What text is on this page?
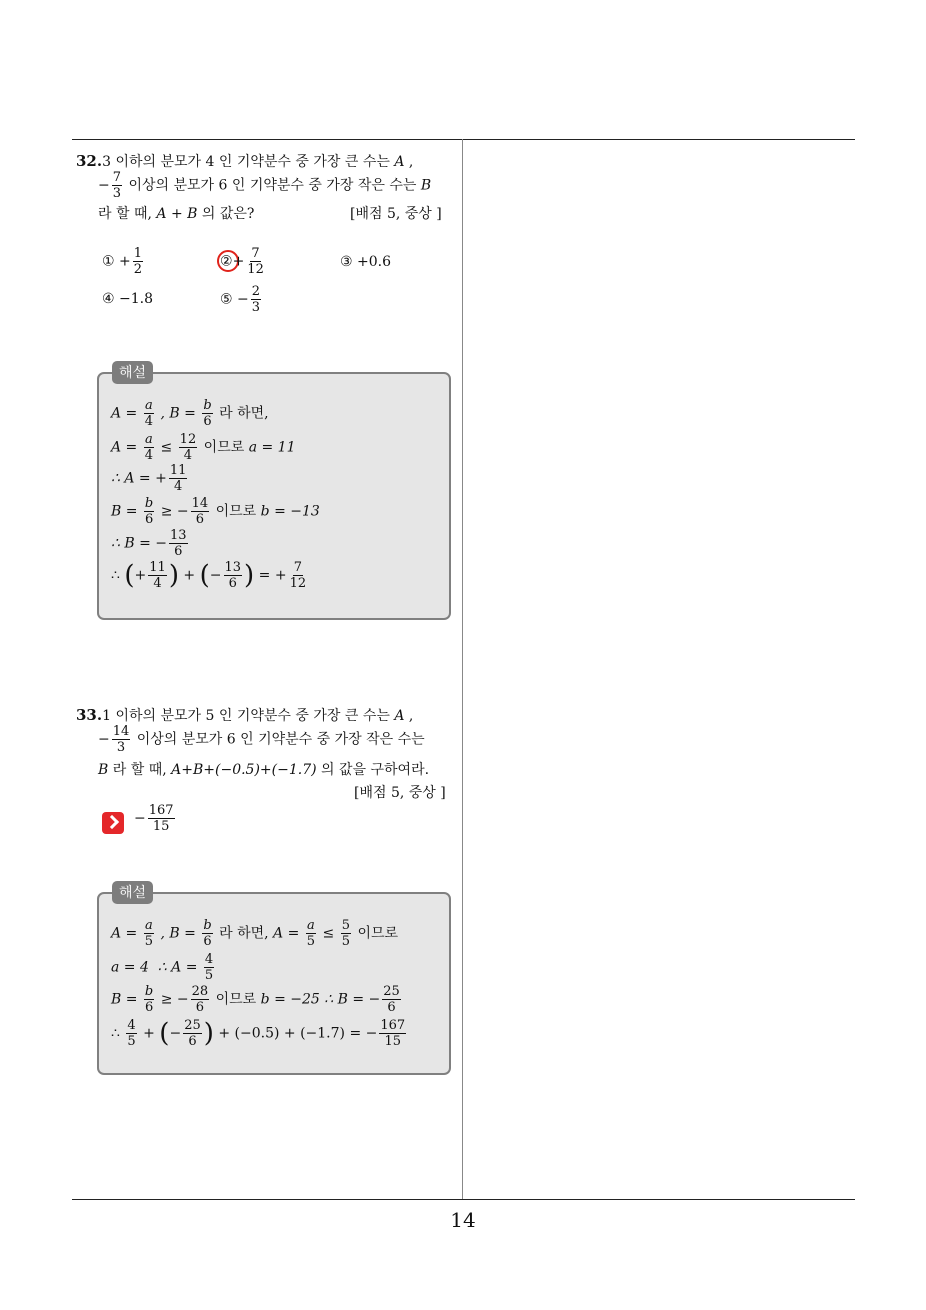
14
32.3 이하의 분모가 4 인 기약분수 중 가장 큰 수는 A ,
− $\frac{7}{3}$ 이상의 분모가 6 인 기약분수 중 가장 작은 수는 B
라 할 때, A + B 의 값은?	[배점 5, 중상 ]
① + $\frac{1}{2}$	②+ $\frac{7}{12}$	③ +0.6
④ −1.8	⑤ − $\frac{2}{3}$
$A = \frac{a}{4}$ , $B = \frac{b}{6}$ 라 하면,
$A = \frac{a}{4} \le \frac{12}{4}$ 이므로 a = 11
∴ A = + $\frac{11}{4}$
$B = \frac{b}{6}$ ≥ − $\frac{14}{6}$ 이므로 b = −13
∴ B = − $\frac{13}{6}$
∴ (+ $\frac{11}{4}$ ) + (− $\frac{13}{6}$ ) = + $\frac{7}{12}$
해설
33.1 이하의 분모가 5 인 기약분수 중 가장 큰 수는 A ,
− $\frac{14}{3}$ 이상의 분모가 6 인 기약분수 중 가장 작은 수는
B 라 할 때, A+B+(−0.5)+(−1.7) 의 값을 구하여라.
[배점 5, 중상 ]
− $\frac{167}{15}$
$A = \frac{a}{5}$ , $B = \frac{b}{6}$ 라 하면, $A = \frac{a}{5} \le \frac{5}{5}$ 이므로
a = 4 ∴ $A = \frac{4}{5}$
$B = \frac{b}{6}$ ≥ − $\frac{28}{6}$ 이므로 b = −25 ∴ B = − $\frac{25}{6}$
∴ $\frac{4}{5}$ + (− $\frac{25}{6}$ ) + (−0.5) + (−1.7) = − $\frac{167}{15}$
해설
